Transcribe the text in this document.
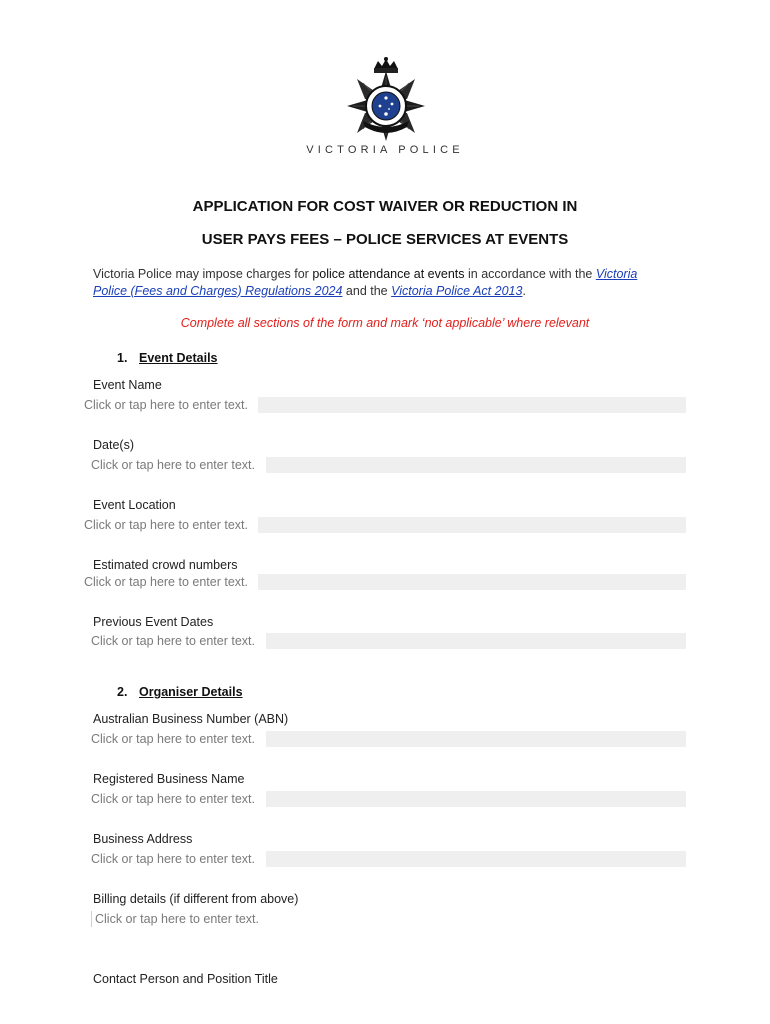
VICTORIA POLICE
APPLICATION FOR COST WAIVER OR REDUCTION IN
USER PAYS FEES – POLICE SERVICES AT EVENTS
Victoria Police may impose charges for police attendance at events in accordance with the Victoria Police (Fees and Charges) Regulations 2024 and the Victoria Police Act 2013.
Complete all sections of the form and mark ‘not applicable’ where relevant
1. Event Details
Event Name
Click or tap here to enter text.
Date(s)
Click or tap here to enter text.
Event Location
Click or tap here to enter text.
Estimated crowd numbers
Click or tap here to enter text.
Previous Event Dates
Click or tap here to enter text.
2. Organiser Details
Australian Business Number (ABN)
Click or tap here to enter text.
Registered Business Name
Click or tap here to enter text.
Business Address
Click or tap here to enter text.
Billing details (if different from above)
Click or tap here to enter text.
Contact Person and Position Title
